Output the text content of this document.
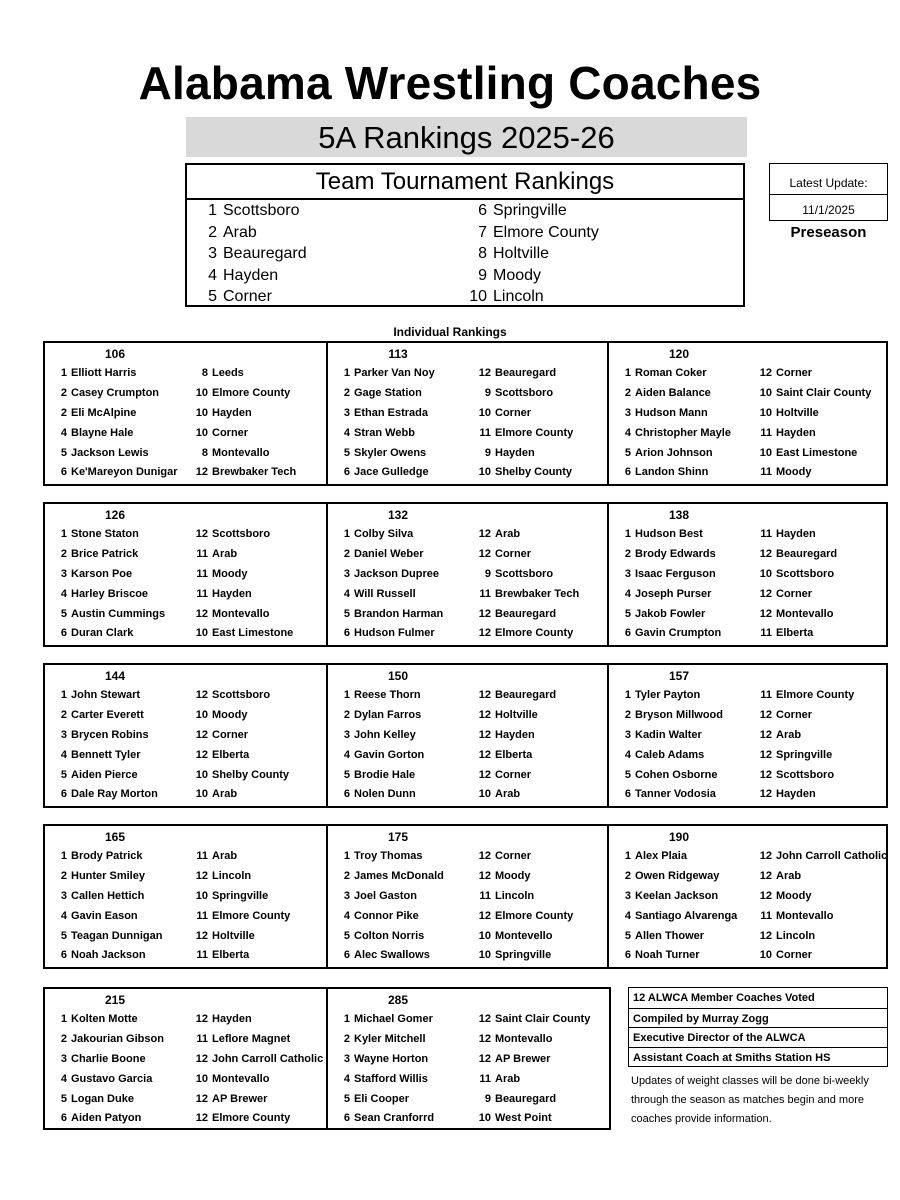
Alabama Wrestling Coaches
5A Rankings 2025-26
Team Tournament Rankings
1 Scottsboro
2 Arab
3 Beauregard
4 Hayden
5 Corner
6 Springville
7 Elmore County
8 Holtville
9 Moody
10 Lincoln
Latest Update:
11/1/2025
Preseason
Individual Rankings
106
1 Elliott Harris	8 Leeds
2 Casey Crumpton	10 Elmore County
2 Eli McAlpine	10 Hayden
4 Blayne Hale	10 Corner
5 Jackson Lewis	8 Montevallo
6 Ke'Mareyon Dunigar	12 Brewbaker Tech
113
1 Parker Van Noy	12 Beauregard
2 Gage Station	9 Scottsboro
3 Ethan Estrada	10 Corner
4 Stran Webb	11 Elmore County
5 Skyler Owens	9 Hayden
6 Jace Gulledge	10 Shelby County
120
1 Roman Coker	12 Corner
2 Aiden Balance	10 Saint Clair County
3 Hudson Mann	10 Holtville
4 Christopher Mayle	11 Hayden
5 Arion Johnson	10 East Limestone
6 Landon Shinn	11 Moody
126
1 Stone Staton	12 Scottsboro
2 Brice Patrick	11 Arab
3 Karson Poe	11 Moody
4 Harley Briscoe	11 Hayden
5 Austin Cummings	12 Montevallo
6 Duran Clark	10 East Limestone
132
1 Colby Silva	12 Arab
2 Daniel Weber	12 Corner
3 Jackson Dupree	9 Scottsboro
4 Will Russell	11 Brewbaker Tech
5 Brandon Harman	12 Beauregard
6 Hudson Fulmer	12 Elmore County
138
1 Hudson Best	11 Hayden
2 Brody Edwards	12 Beauregard
3 Isaac Ferguson	10 Scottsboro
4 Joseph Purser	12 Corner
5 Jakob Fowler	12 Montevallo
6 Gavin Crumpton	11 Elberta
144
1 John Stewart	12 Scottsboro
2 Carter Everett	10 Moody
3 Brycen Robins	12 Corner
4 Bennett Tyler	12 Elberta
5 Aiden Pierce	10 Shelby County
6 Dale Ray Morton	10 Arab
150
1 Reese Thorn	12 Beauregard
2 Dylan Farros	12 Holtville
3 John Kelley	12 Hayden
4 Gavin Gorton	12 Elberta
5 Brodie Hale	12 Corner
6 Nolen Dunn	10 Arab
157
1 Tyler Payton	11 Elmore County
2 Bryson Millwood	12 Corner
3 Kadin Walter	12 Arab
4 Caleb Adams	12 Springville
5 Cohen Osborne	12 Scottsboro
6 Tanner Vodosia	12 Hayden
165
1 Brody Patrick	11 Arab
2 Hunter Smiley	12 Lincoln
3 Callen Hettich	10 Springville
4 Gavin Eason	11 Elmore County
5 Teagan Dunnigan	12 Holtville
6 Noah Jackson	11 Elberta
175
1 Troy Thomas	12 Corner
2 James McDonald	12 Moody
3 Joel Gaston	11 Lincoln
4 Connor Pike	12 Elmore County
5 Colton Norris	10 Montevello
6 Alec Swallows	10 Springville
190
1 Alex Plaia	12 John Carroll Catholic
2 Owen Ridgeway	12 Arab
3 Keelan Jackson	12 Moody
4 Santiago Alvarenga	11 Montevallo
5 Allen Thower	12 Lincoln
6 Noah Turner	10 Corner
12 ALWCA Member Coaches Voted
Compiled by Murray Zogg
Executive Director of the ALWCA
Assistant Coach at Smiths Station HS
Updates of weight classes will be done bi-weekly through the season as matches begin and more coaches provide information.
215
1 Kolten Motte	12 Hayden
2 Jakourian Gibson	11 Leflore Magnet
3 Charlie Boone	12 John Carroll Catholic
4 Gustavo Garcia	10 Montevallo
5 Logan Duke	12 AP Brewer
6 Aiden Patyon	12 Elmore County
285
1 Michael Gomer	12 Saint Clair County
2 Kyler Mitchell	12 Montevallo
3 Wayne Horton	12 AP Brewer
4 Stafford Willis	11 Arab
5 Eli Cooper	9 Beauregard
6 Sean Cranforrd	10 West Point
